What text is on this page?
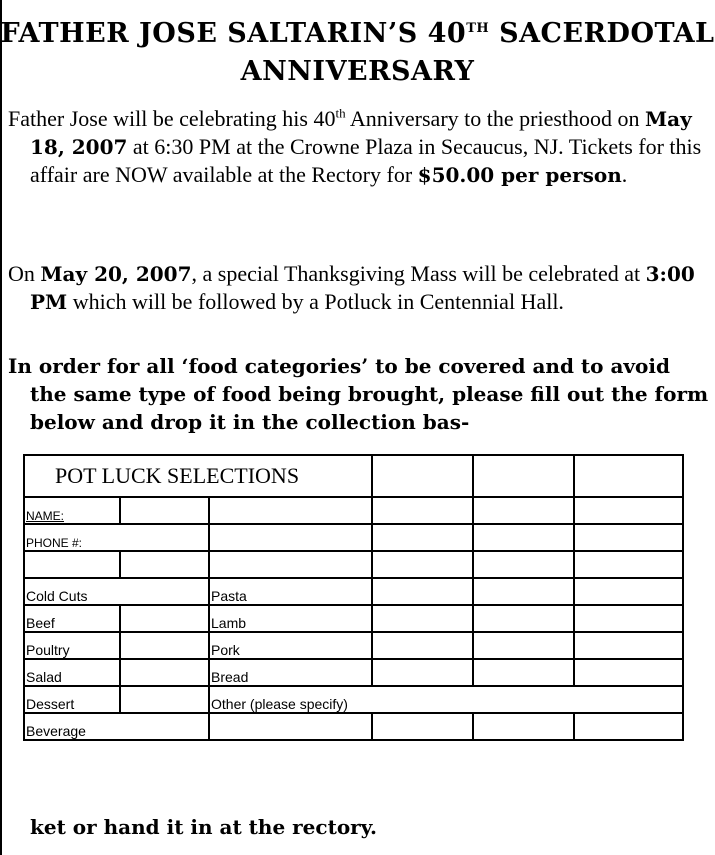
FATHER JOSE SALTARIN’S 40TH SACERDOTAL
ANNIVERSARY
Father Jose will be celebrating his 40th Anniversary to the priesthood on May 18, 2007 at 6:30 PM at the Crowne Plaza in Secaucus, NJ. Tickets for this affair are NOW available at the Rectory for $50.00 per person.
On May 20, 2007, a special Thanksgiving Mass will be celebrated at 3:00 PM which will be followed by a Potluck in Centennial Hall.
In order for all ‘food categories’ to be covered and to avoid the same type of food being brought, please fill out the form below and drop it in the collection bas-
POT LUCK SELECTIONS					
NAME:					
PHONE #:					

Cold Cuts		Pasta			
Beef		Lamb			
Poultry		Pork			
Salad		Bread			
Dessert		Other (please specify)			
Beverage					
ket or hand it in at the rectory.
